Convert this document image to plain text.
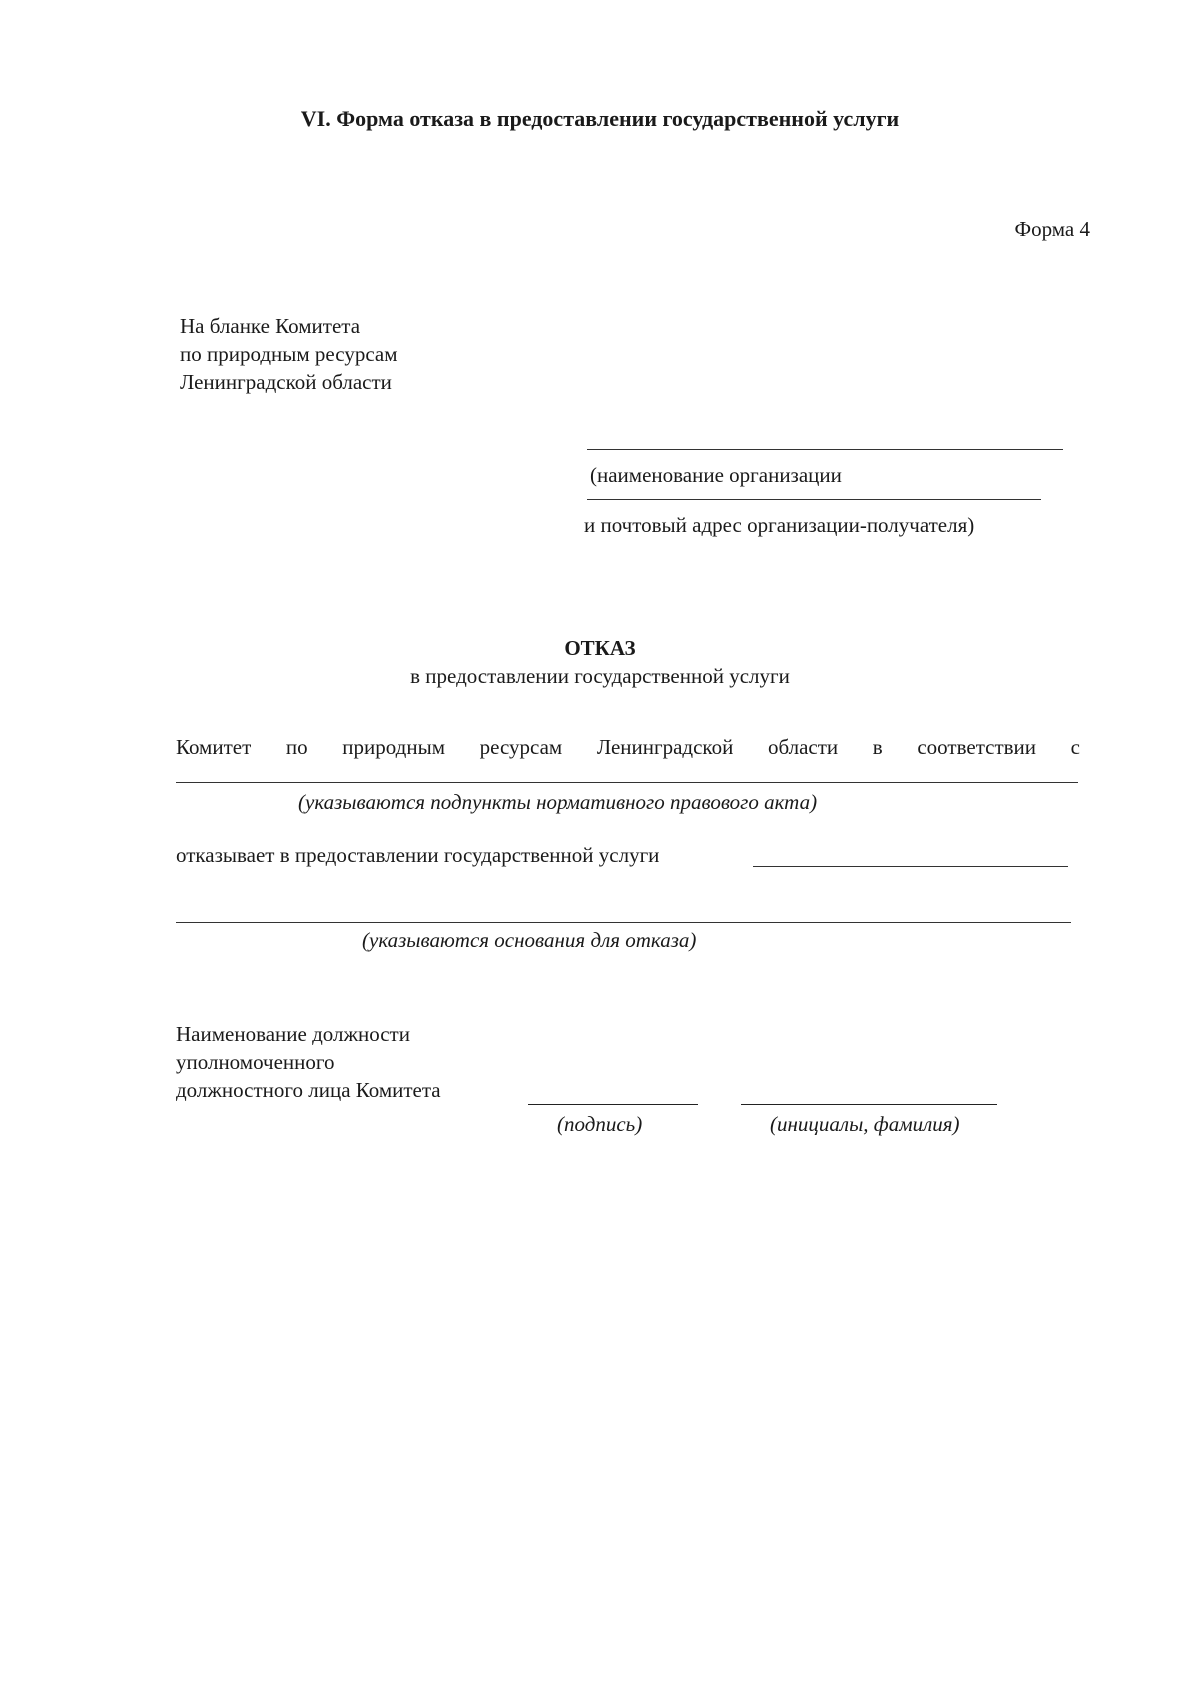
VI. Форма отказа в предоставлении государственной услуги
Форма 4
На бланке Комитета
по природным ресурсам
Ленинградской области
(наименование организации
и почтовый адрес организации-получателя)
ОТКАЗ
в предоставлении государственной услуги
Комитет по природным ресурсам Ленинградской области в соответствии с
(указываются подпункты нормативного правового акта)
отказывает в предоставлении государственной услуги
(указываются основания для отказа)
Наименование должности
уполномоченного
должностного лица Комитета
(подпись)	(инициалы, фамилия)
